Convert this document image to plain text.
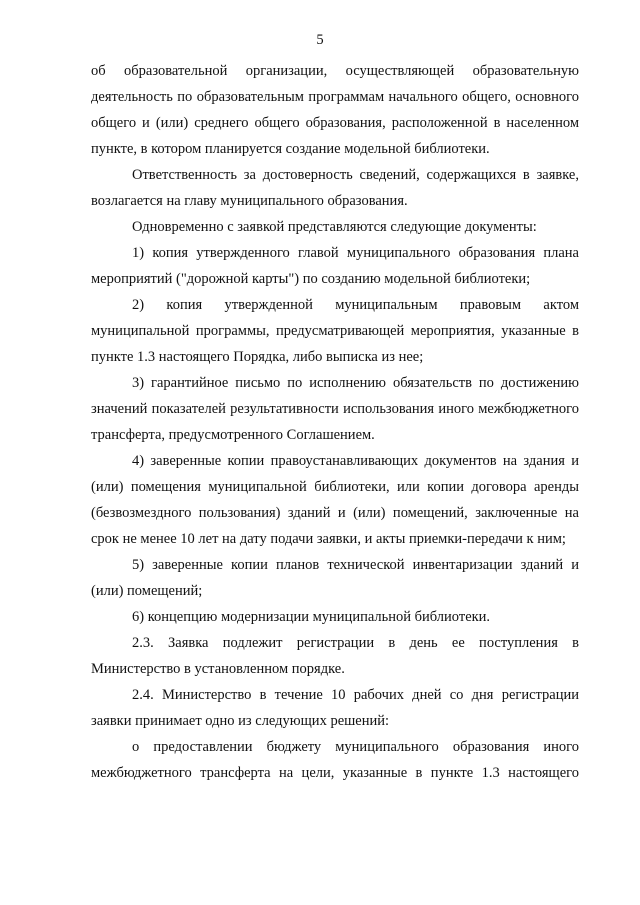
5

об образовательной организации, осуществляющей образовательную деятельность по образовательным программам начального общего, основного общего и (или) среднего общего образования, расположенной в населенном пункте, в котором планируется создание модельной библиотеки.

Ответственность за достоверность сведений, содержащихся в заявке, возлагается на главу муниципального образования.

Одновременно с заявкой представляются следующие документы:

1) копия утвержденного главой муниципального образования плана мероприятий ("дорожной карты") по созданию модельной библиотеки;

2) копия утвержденной муниципальным правовым актом муниципальной программы, предусматривающей мероприятия, указанные в пункте 1.3 настоящего Порядка, либо выписка из нее;

3) гарантийное письмо по исполнению обязательств по достижению значений показателей результативности использования иного межбюджетного трансферта, предусмотренного Соглашением.

4) заверенные копии правоустанавливающих документов на здания и (или) помещения муниципальной библиотеки, или копии договора аренды (безвозмездного пользования) зданий и (или) помещений, заключенные на срок не менее 10 лет на дату подачи заявки, и акты приемки-передачи к ним;

5) заверенные копии планов технической инвентаризации зданий и (или) помещений;

6) концепцию модернизации муниципальной библиотеки.

2.3. Заявка подлежит регистрации в день ее поступления в Министерство в установленном порядке.

2.4. Министерство в течение 10 рабочих дней со дня регистрации заявки принимает одно из следующих решений:

о предоставлении бюджету муниципального образования иного межбюджетного трансферта на цели, указанные в пункте 1.3 настоящего
